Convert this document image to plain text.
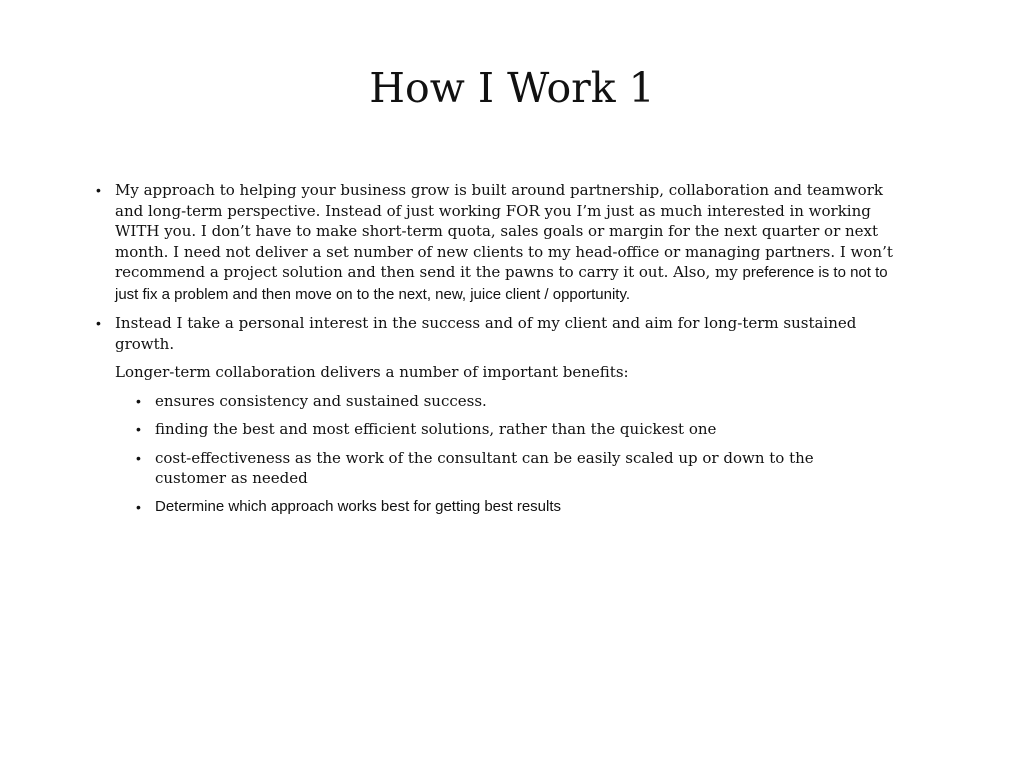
How I Work 1
• My approach to helping your business grow is built around partnership, collaboration and teamwork and long-term perspective. Instead of just working FOR you I’m just as much interested in working WITH you. I don’t have to make short-term quota, sales goals or margin for the next quarter or next month. I need not deliver a set number of new clients to my head-office or managing partners. I won’t recommend a project solution and then send it the pawns to carry it out. Also, my preference is to not to just fix a problem and then move on to the next, new, juice client / opportunity.
• Instead I take a personal interest in the success and of my client and aim for long-term sustained growth.
Longer-term collaboration delivers a number of important benefits:
• ensures consistency and sustained success.
• finding the best and most efficient solutions, rather than the quickest one
• cost-effectiveness as the work of the consultant can be easily scaled up or down to the customer as needed
• Determine which approach works best for getting best results
